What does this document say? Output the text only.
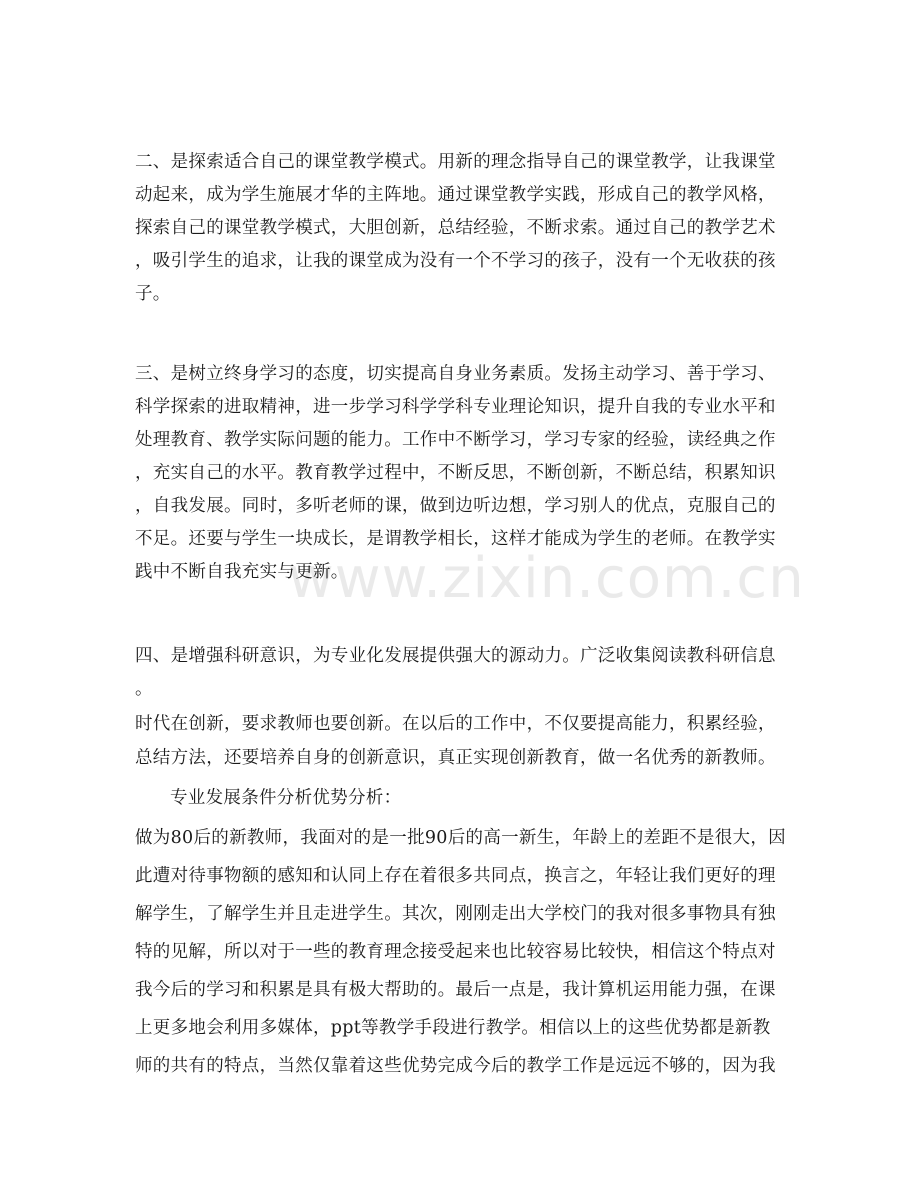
www.zixin.com.cn
二、是探索适合自己的课堂教学模式。用新的理念指导自己的课堂教学，让我课堂
动起来，成为学生施展才华的主阵地。通过课堂教学实践，形成自己的教学风格，
探索自己的课堂教学模式，大胆创新，总结经验，不断求索。通过自己的教学艺术
，吸引学生的追求，让我的课堂成为没有一个不学习的孩子，没有一个无收获的孩
子。
三、是树立终身学习的态度，切实提高自身业务素质。发扬主动学习、善于学习、
科学探索的进取精神，进一步学习科学学科专业理论知识，提升自我的专业水平和
处理教育、教学实际问题的能力。工作中不断学习，学习专家的经验，读经典之作
，充实自己的水平。教育教学过程中，不断反思，不断创新，不断总结，积累知识
，自我发展。同时，多听老师的课，做到边听边想，学习别人的优点，克服自己的
不足。还要与学生一块成长，是谓教学相长，这样才能成为学生的老师。在教学实
践中不断自我充实与更新。
四、是增强科研意识，为专业化发展提供强大的源动力。广泛收集阅读教科研信息
。
时代在创新，要求教师也要创新。在以后的工作中，不仅要提高能力，积累经验，
总结方法，还要培养自身的创新意识，真正实现创新教育，做一名优秀的新教师。
专业发展条件分析优势分析：
做为80后的新教师，我面对的是一批90后的高一新生，年龄上的差距不是很大，因
此遭对待事物额的感知和认同上存在着很多共同点，换言之，年轻让我们更好的理
解学生，了解学生并且走进学生。其次，刚刚走出大学校门的我对很多事物具有独
特的见解，所以对于一些的教育理念接受起来也比较容易比较快，相信这个特点对
我今后的学习和积累是具有极大帮助的。最后一点是，我计算机运用能力强，在课
上更多地会利用多媒体，ppt等教学手段进行教学。相信以上的这些优势都是新教
师的共有的特点，当然仅靠着这些优势完成今后的教学工作是远远不够的，因为我
